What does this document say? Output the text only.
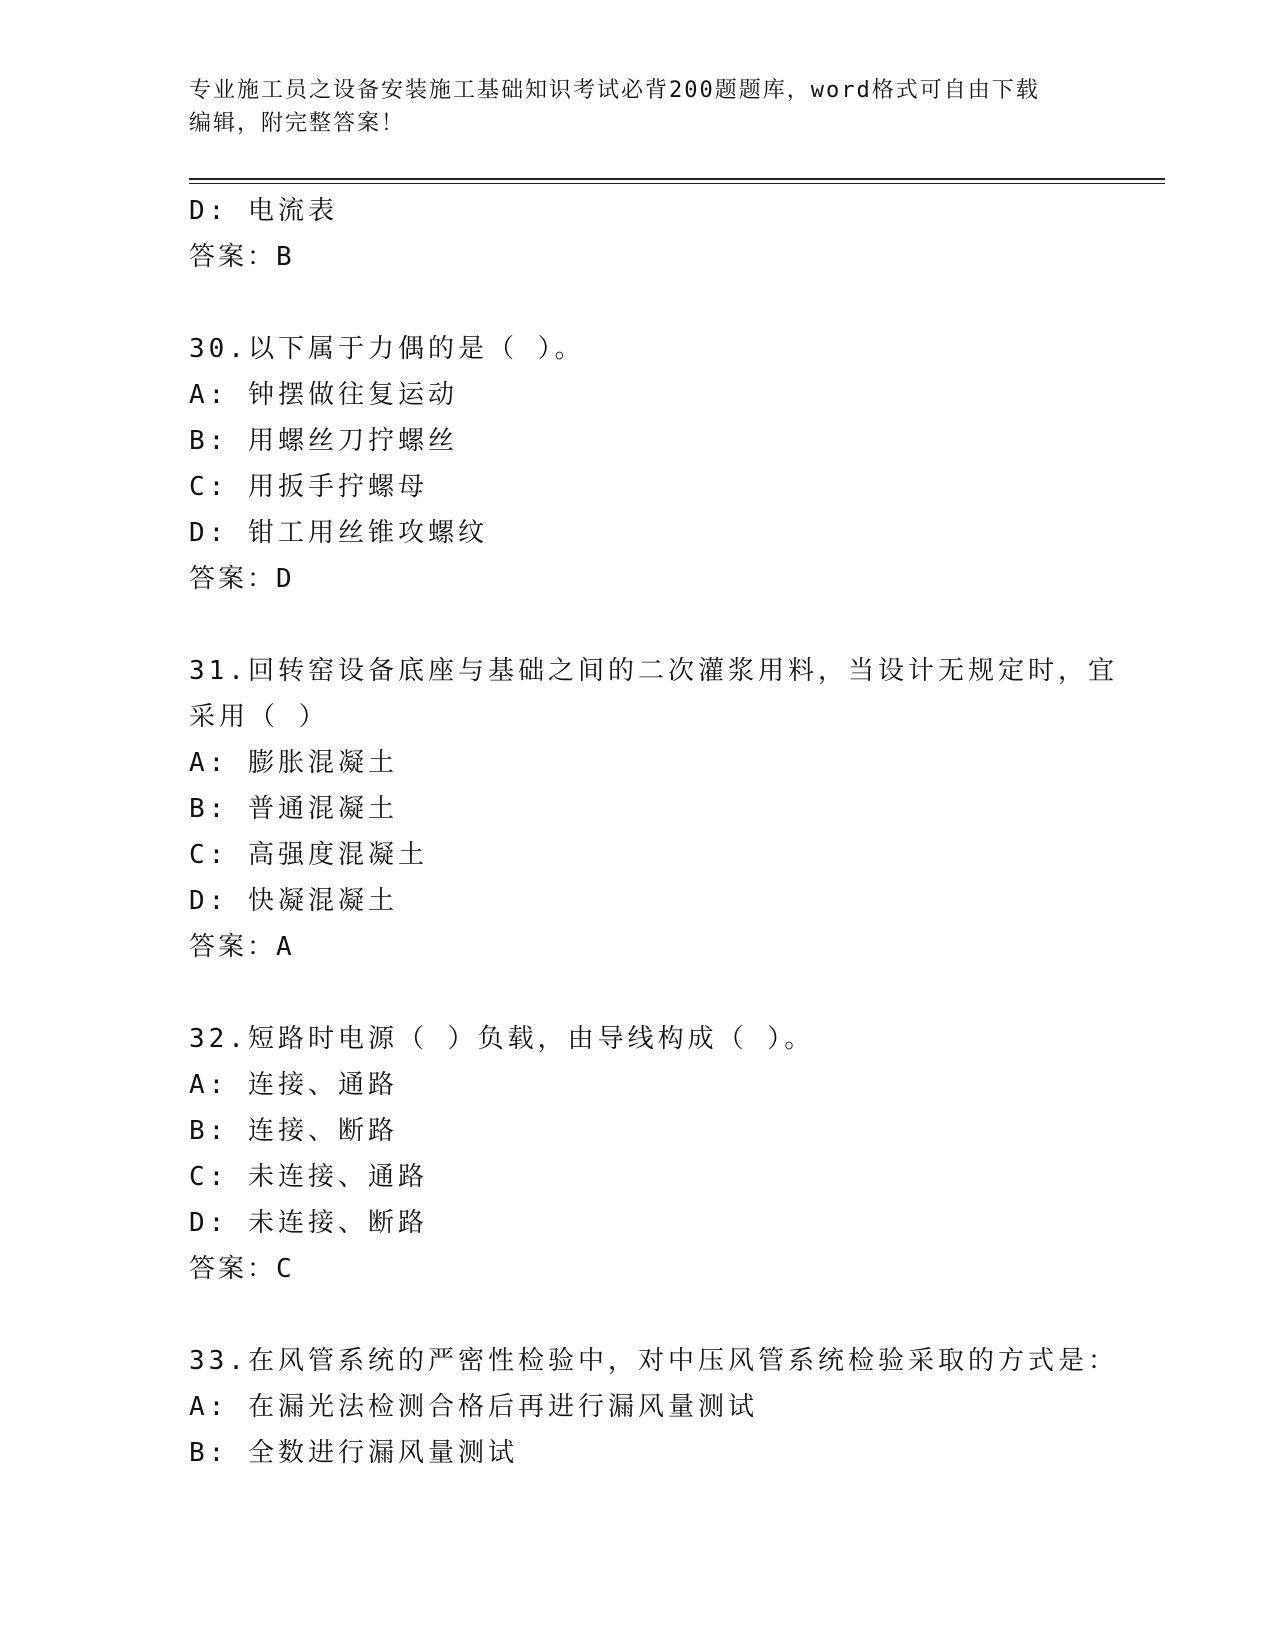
专业施工员之设备安装施工基础知识考试必背200题题库，word格式可自由下载
编辑，附完整答案！
D: 电流表
答案：B
30.以下属于力偶的是（ ）。
A: 钟摆做往复运动
B: 用螺丝刀拧螺丝
C: 用扳手拧螺母
D: 钳工用丝锥攻螺纹
答案：D
31.回转窑设备底座与基础之间的二次灌浆用料，当设计无规定时，宜
采用（ ）
A: 膨胀混凝土
B: 普通混凝土
C: 高强度混凝土
D: 快凝混凝土
答案：A
32.短路时电源（ ）负载，由导线构成（ ）。
A: 连接、通路
B: 连接、断路
C: 未连接、通路
D: 未连接、断路
答案：C
33.在风管系统的严密性检验中，对中压风管系统检验采取的方式是：
A: 在漏光法检测合格后再进行漏风量测试
B: 全数进行漏风量测试
